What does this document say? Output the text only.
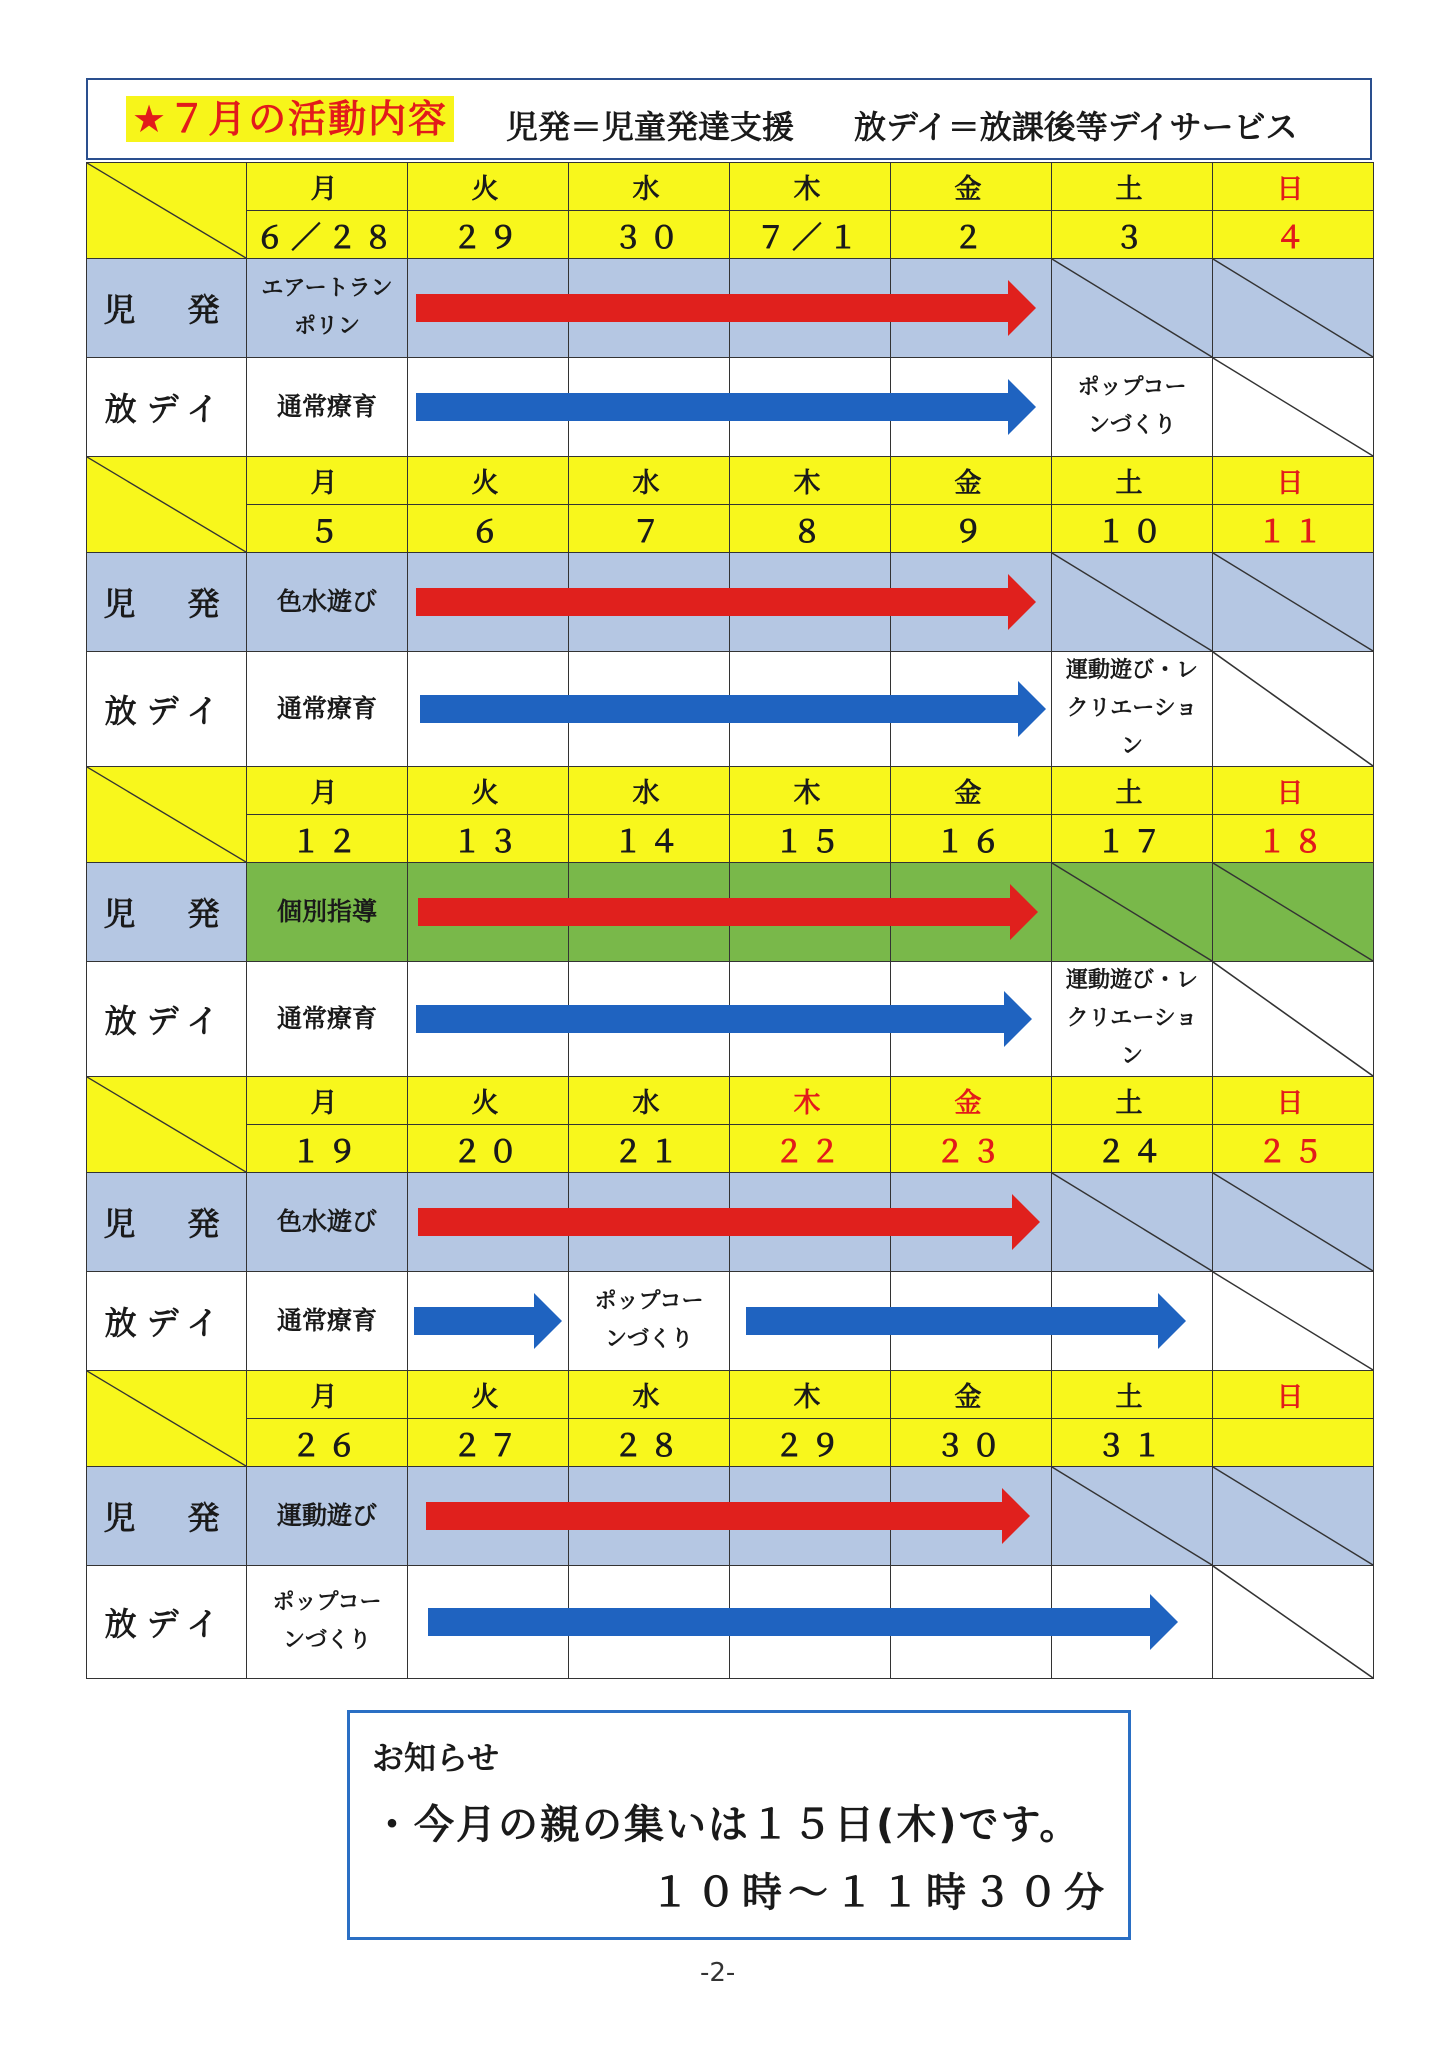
★７月の活動内容 児発＝児童発達支援 放デイ＝放課後等デイサービス
	月	火	水	木	金	土	日
	６／２８	２９	３０	７／１	２	３	４
児　発	エアートランポリン	

放デイ	通常療育					ポップコーンづくり	

	月	火	水	木	金	土	日
	５	６	７	８	９	１０	１１
児　発	色水遊び	

放デイ	通常療育					運動遊び・レクリエーション	

	月	火	水	木	金	土	日
	１２	１３	１４	１５	１６	１７	１８
児　発	個別指導	

放デイ	通常療育					運動遊び・レクリエーション	

	月	火	水	木	金	土	日
	１９	２０	２１	２２	２３	２４	２５
児　発	色水遊び	

放デイ	通常療育		ポップコーンづくり	

	月	火	水	木	金	土	日
	２６	２７	２８	２９	３０	３１	
児　発	運動遊び	

放デイ	ポップコーンづくり	

お知らせ
・今月の親の集いは１５日(木)です。
１０時～１１時３０分
-2-
